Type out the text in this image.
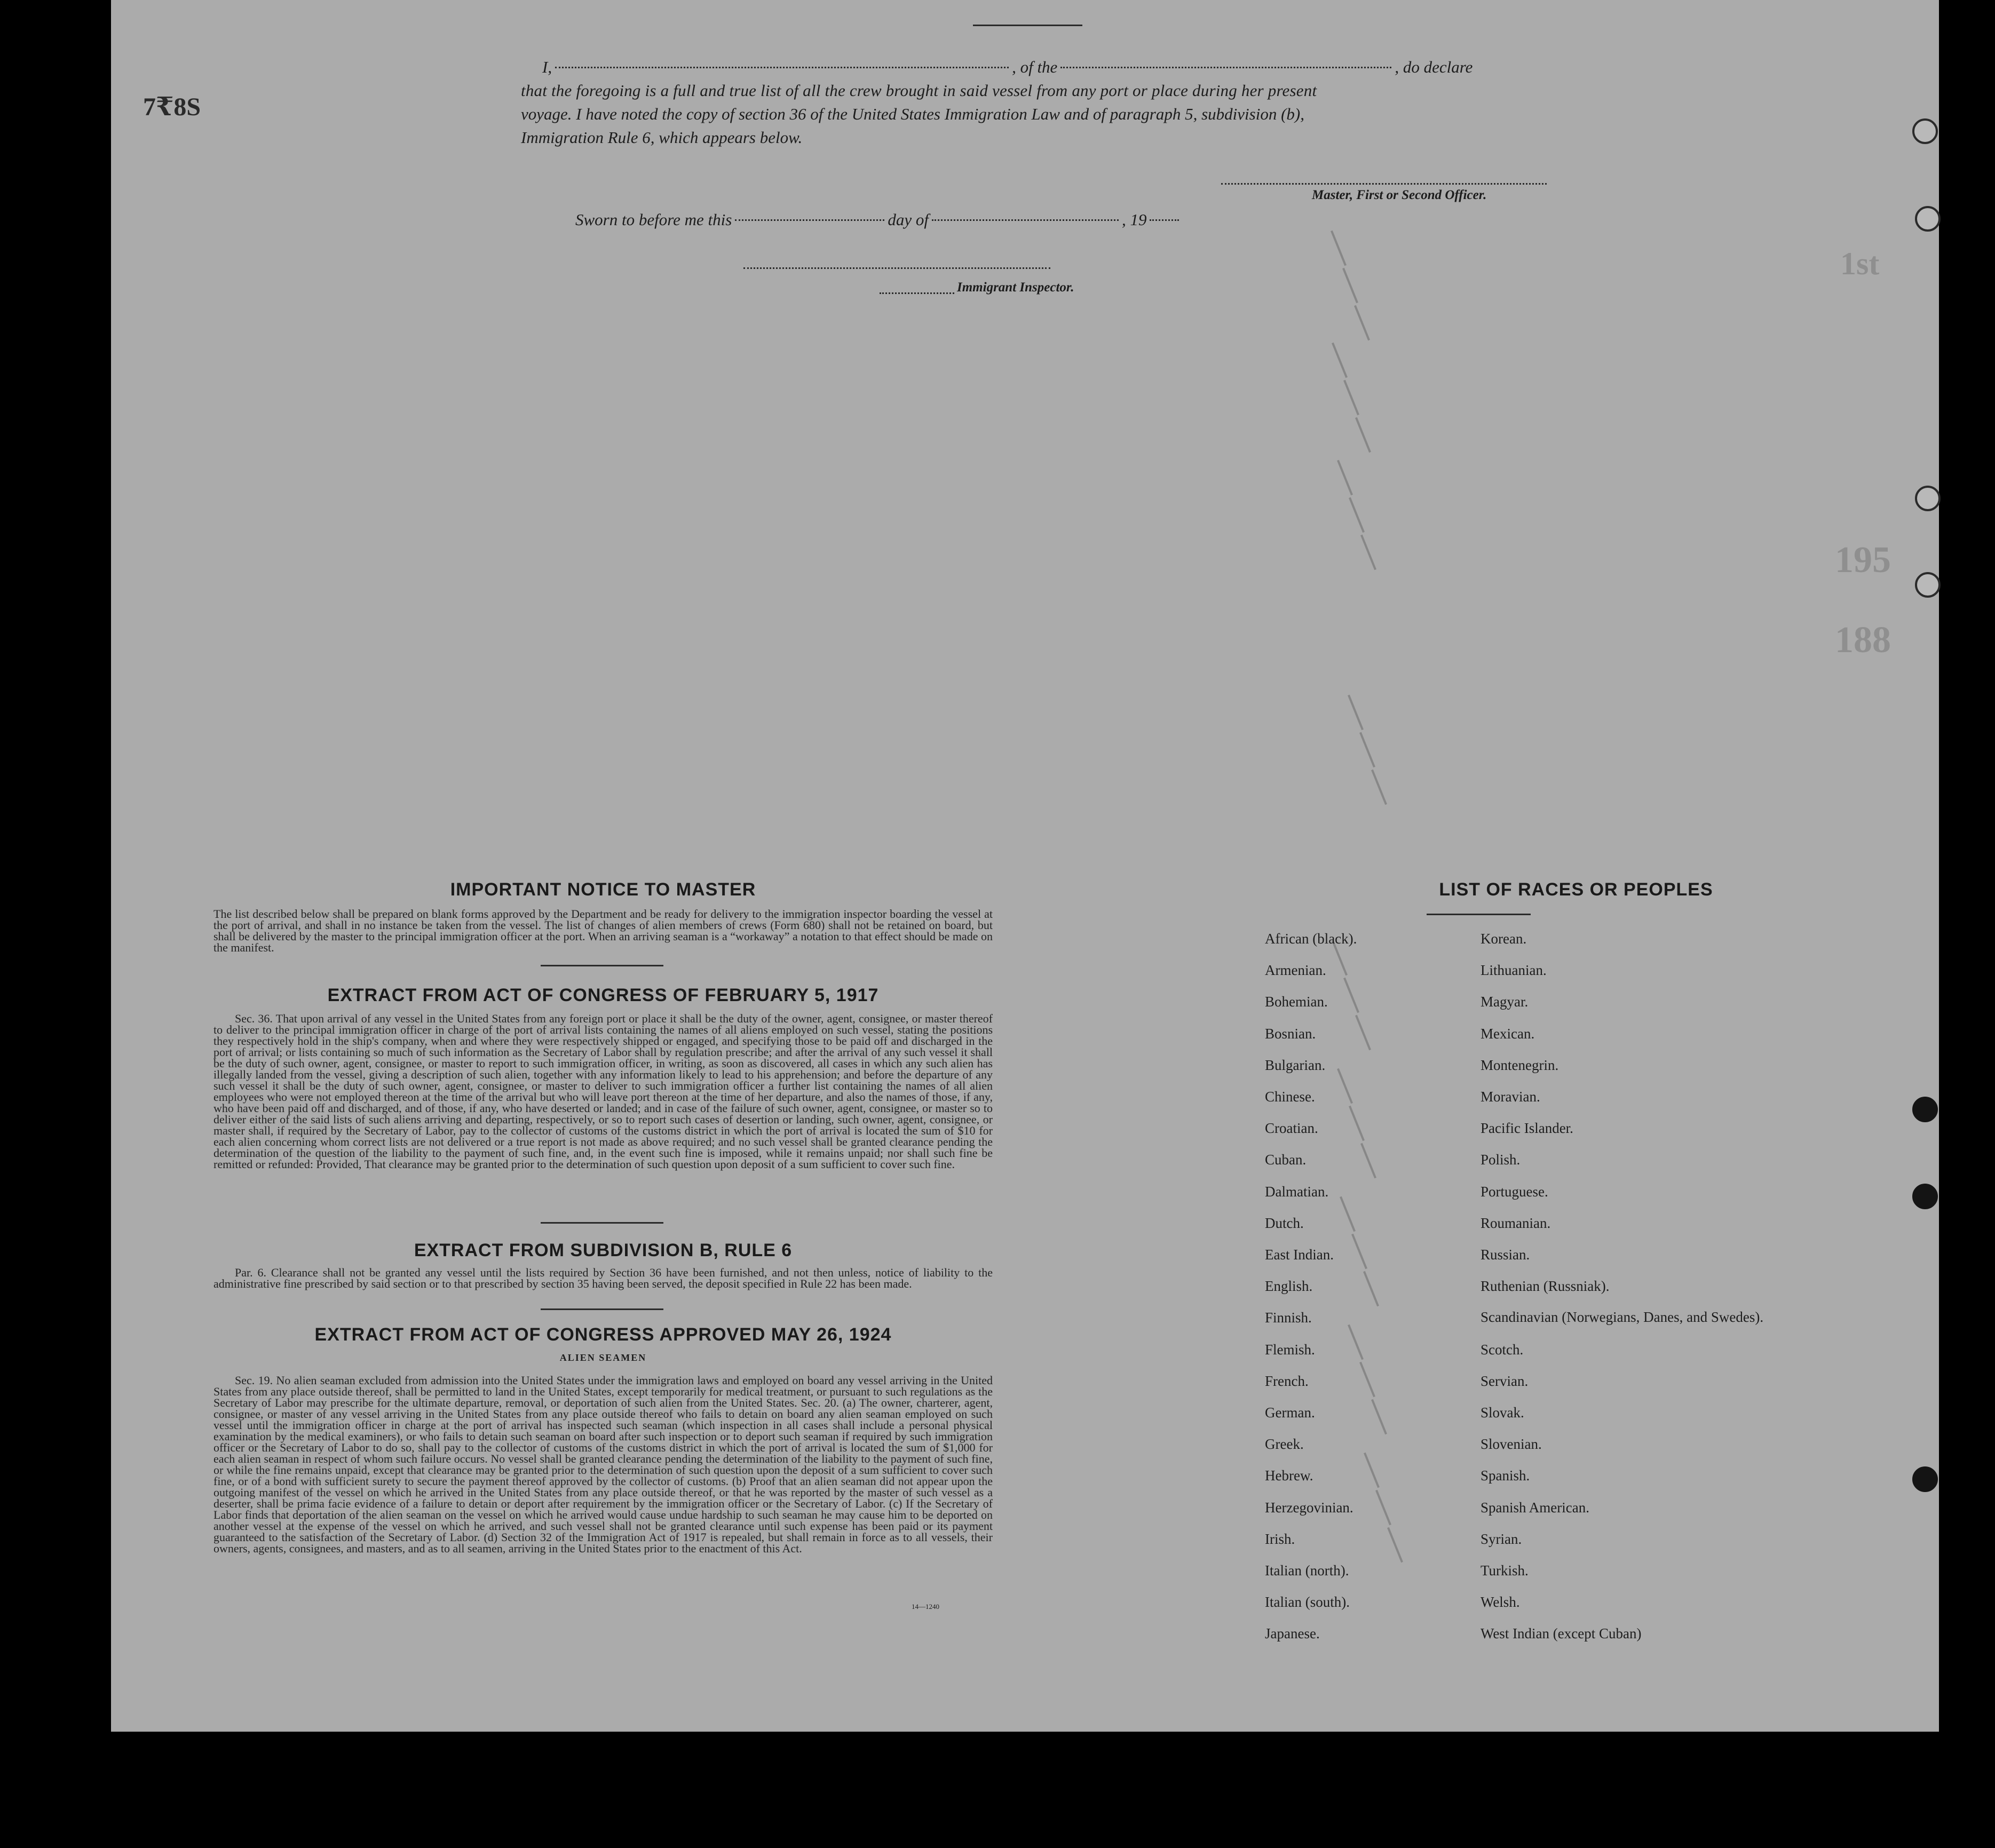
1st
195
188
7₹8S
I,	, of the	, do declare
that the foregoing is a full and true list of all the crew brought in said vessel from any port or place during her present
voyage. I have noted the copy of section 36 of the United States Immigration Law and of paragraph 5, subdivision (b),
Immigration Rule 6, which appears below.
Master, First or Second Officer.
Sworn to before me this	day of	, 19
Immigrant Inspector.
IMPORTANT NOTICE TO MASTER
The list described below shall be prepared on blank forms approved by the Department and be ready for delivery to the immigration inspector boarding the vessel at the port of arrival, and shall in no instance be taken from the vessel. The list of changes of alien members of crews (Form 680) shall not be retained on board, but shall be delivered by the master to the principal immigration officer at the port. When an arriving seaman is a “workaway” a notation to that effect should be made on the manifest.
EXTRACT FROM ACT OF CONGRESS OF FEBRUARY 5, 1917
Sec. 36. That upon arrival of any vessel in the United States from any foreign port or place it shall be the duty of the owner, agent, consignee, or master thereof to deliver to the principal immigration officer in charge of the port of arrival lists containing the names of all aliens employed on such vessel, stating the positions they respectively hold in the ship's company, when and where they were respectively shipped or engaged, and specifying those to be paid off and discharged in the port of arrival; or lists containing so much of such information as the Secretary of Labor shall by regulation prescribe; and after the arrival of any such vessel it shall be the duty of such owner, agent, consignee, or master to report to such immigration officer, in writing, as soon as discovered, all cases in which any such alien has illegally landed from the vessel, giving a description of such alien, together with any information likely to lead to his apprehension; and before the departure of any such vessel it shall be the duty of such owner, agent, consignee, or master to deliver to such immigration officer a further list containing the names of all alien employees who were not employed thereon at the time of the arrival but who will leave port thereon at the time of her departure, and also the names of those, if any, who have been paid off and discharged, and of those, if any, who have deserted or landed; and in case of the failure of such owner, agent, consignee, or master so to deliver either of the said lists of such aliens arriving and departing, respectively, or so to report such cases of desertion or landing, such owner, agent, consignee, or master shall, if required by the Secretary of Labor, pay to the collector of customs of the customs district in which the port of arrival is located the sum of $10 for each alien concerning whom correct lists are not delivered or a true report is not made as above required; and no such vessel shall be granted clearance pending the determination of the question of the liability to the payment of such fine, and, in the event such fine is imposed, while it remains unpaid; nor shall such fine be remitted or refunded: Provided, That clearance may be granted prior to the determination of such question upon deposit of a sum sufficient to cover such fine.
EXTRACT FROM SUBDIVISION B, RULE 6
Par. 6. Clearance shall not be granted any vessel until the lists required by Section 36 have been furnished, and not then unless, notice of liability to the administrative fine prescribed by said section or to that prescribed by section 35 having been served, the deposit specified in Rule 22 has been made.
EXTRACT FROM ACT OF CONGRESS APPROVED MAY 26, 1924
ALIEN SEAMEN
Sec. 19. No alien seaman excluded from admission into the United States under the immigration laws and employed on board any vessel arriving in the United States from any place outside thereof, shall be permitted to land in the United States, except temporarily for medical treatment, or pursuant to such regulations as the Secretary of Labor may prescribe for the ultimate departure, removal, or deportation of such alien from the United States. Sec. 20. (a) The owner, charterer, agent, consignee, or master of any vessel arriving in the United States from any place outside thereof who fails to detain on board any alien seaman employed on such vessel until the immigration officer in charge at the port of arrival has inspected such seaman (which inspection in all cases shall include a personal physical examination by the medical examiners), or who fails to detain such seaman on board after such inspection or to deport such seaman if required by such immigration officer or the Secretary of Labor to do so, shall pay to the collector of customs of the customs district in which the port of arrival is located the sum of $1,000 for each alien seaman in respect of whom such failure occurs. No vessel shall be granted clearance pending the determination of the liability to the payment of such fine, or while the fine remains unpaid, except that clearance may be granted prior to the determination of such question upon the deposit of a sum sufficient to cover such fine, or of a bond with sufficient surety to secure the payment thereof approved by the collector of customs. (b) Proof that an alien seaman did not appear upon the outgoing manifest of the vessel on which he arrived in the United States from any place outside thereof, or that he was reported by the master of such vessel as a deserter, shall be prima facie evidence of a failure to detain or deport after requirement by the immigration officer or the Secretary of Labor. (c) If the Secretary of Labor finds that deportation of the alien seaman on the vessel on which he arrived would cause undue hardship to such seaman he may cause him to be deported on another vessel at the expense of the vessel on which he arrived, and such vessel shall not be granted clearance until such expense has been paid or its payment guaranteed to the satisfaction of the Secretary of Labor. (d) Section 32 of the Immigration Act of 1917 is repealed, but shall remain in force as to all vessels, their owners, agents, consignees, and masters, and as to all seamen, arriving in the United States prior to the enactment of this Act.
14—1240
LIST OF RACES OR PEOPLES
African (black).
Armenian.
Bohemian.
Bosnian.
Bulgarian.
Chinese.
Croatian.
Cuban.
Dalmatian.
Dutch.
East Indian.
English.
Finnish.
Flemish.
French.
German.
Greek.
Hebrew.
Herzegovinian.
Irish.
Italian (north).
Italian (south).
Japanese.
Korean.
Lithuanian.
Magyar.
Mexican.
Montenegrin.
Moravian.
Pacific Islander.
Polish.
Portuguese.
Roumanian.
Russian.
Ruthenian (Russniak).
Scandinavian (Norwegians, Danes, and Swedes).
Scotch.
Servian.
Slovak.
Slovenian.
Spanish.
Spanish American.
Syrian.
Turkish.
Welsh.
West Indian (except Cuban)
